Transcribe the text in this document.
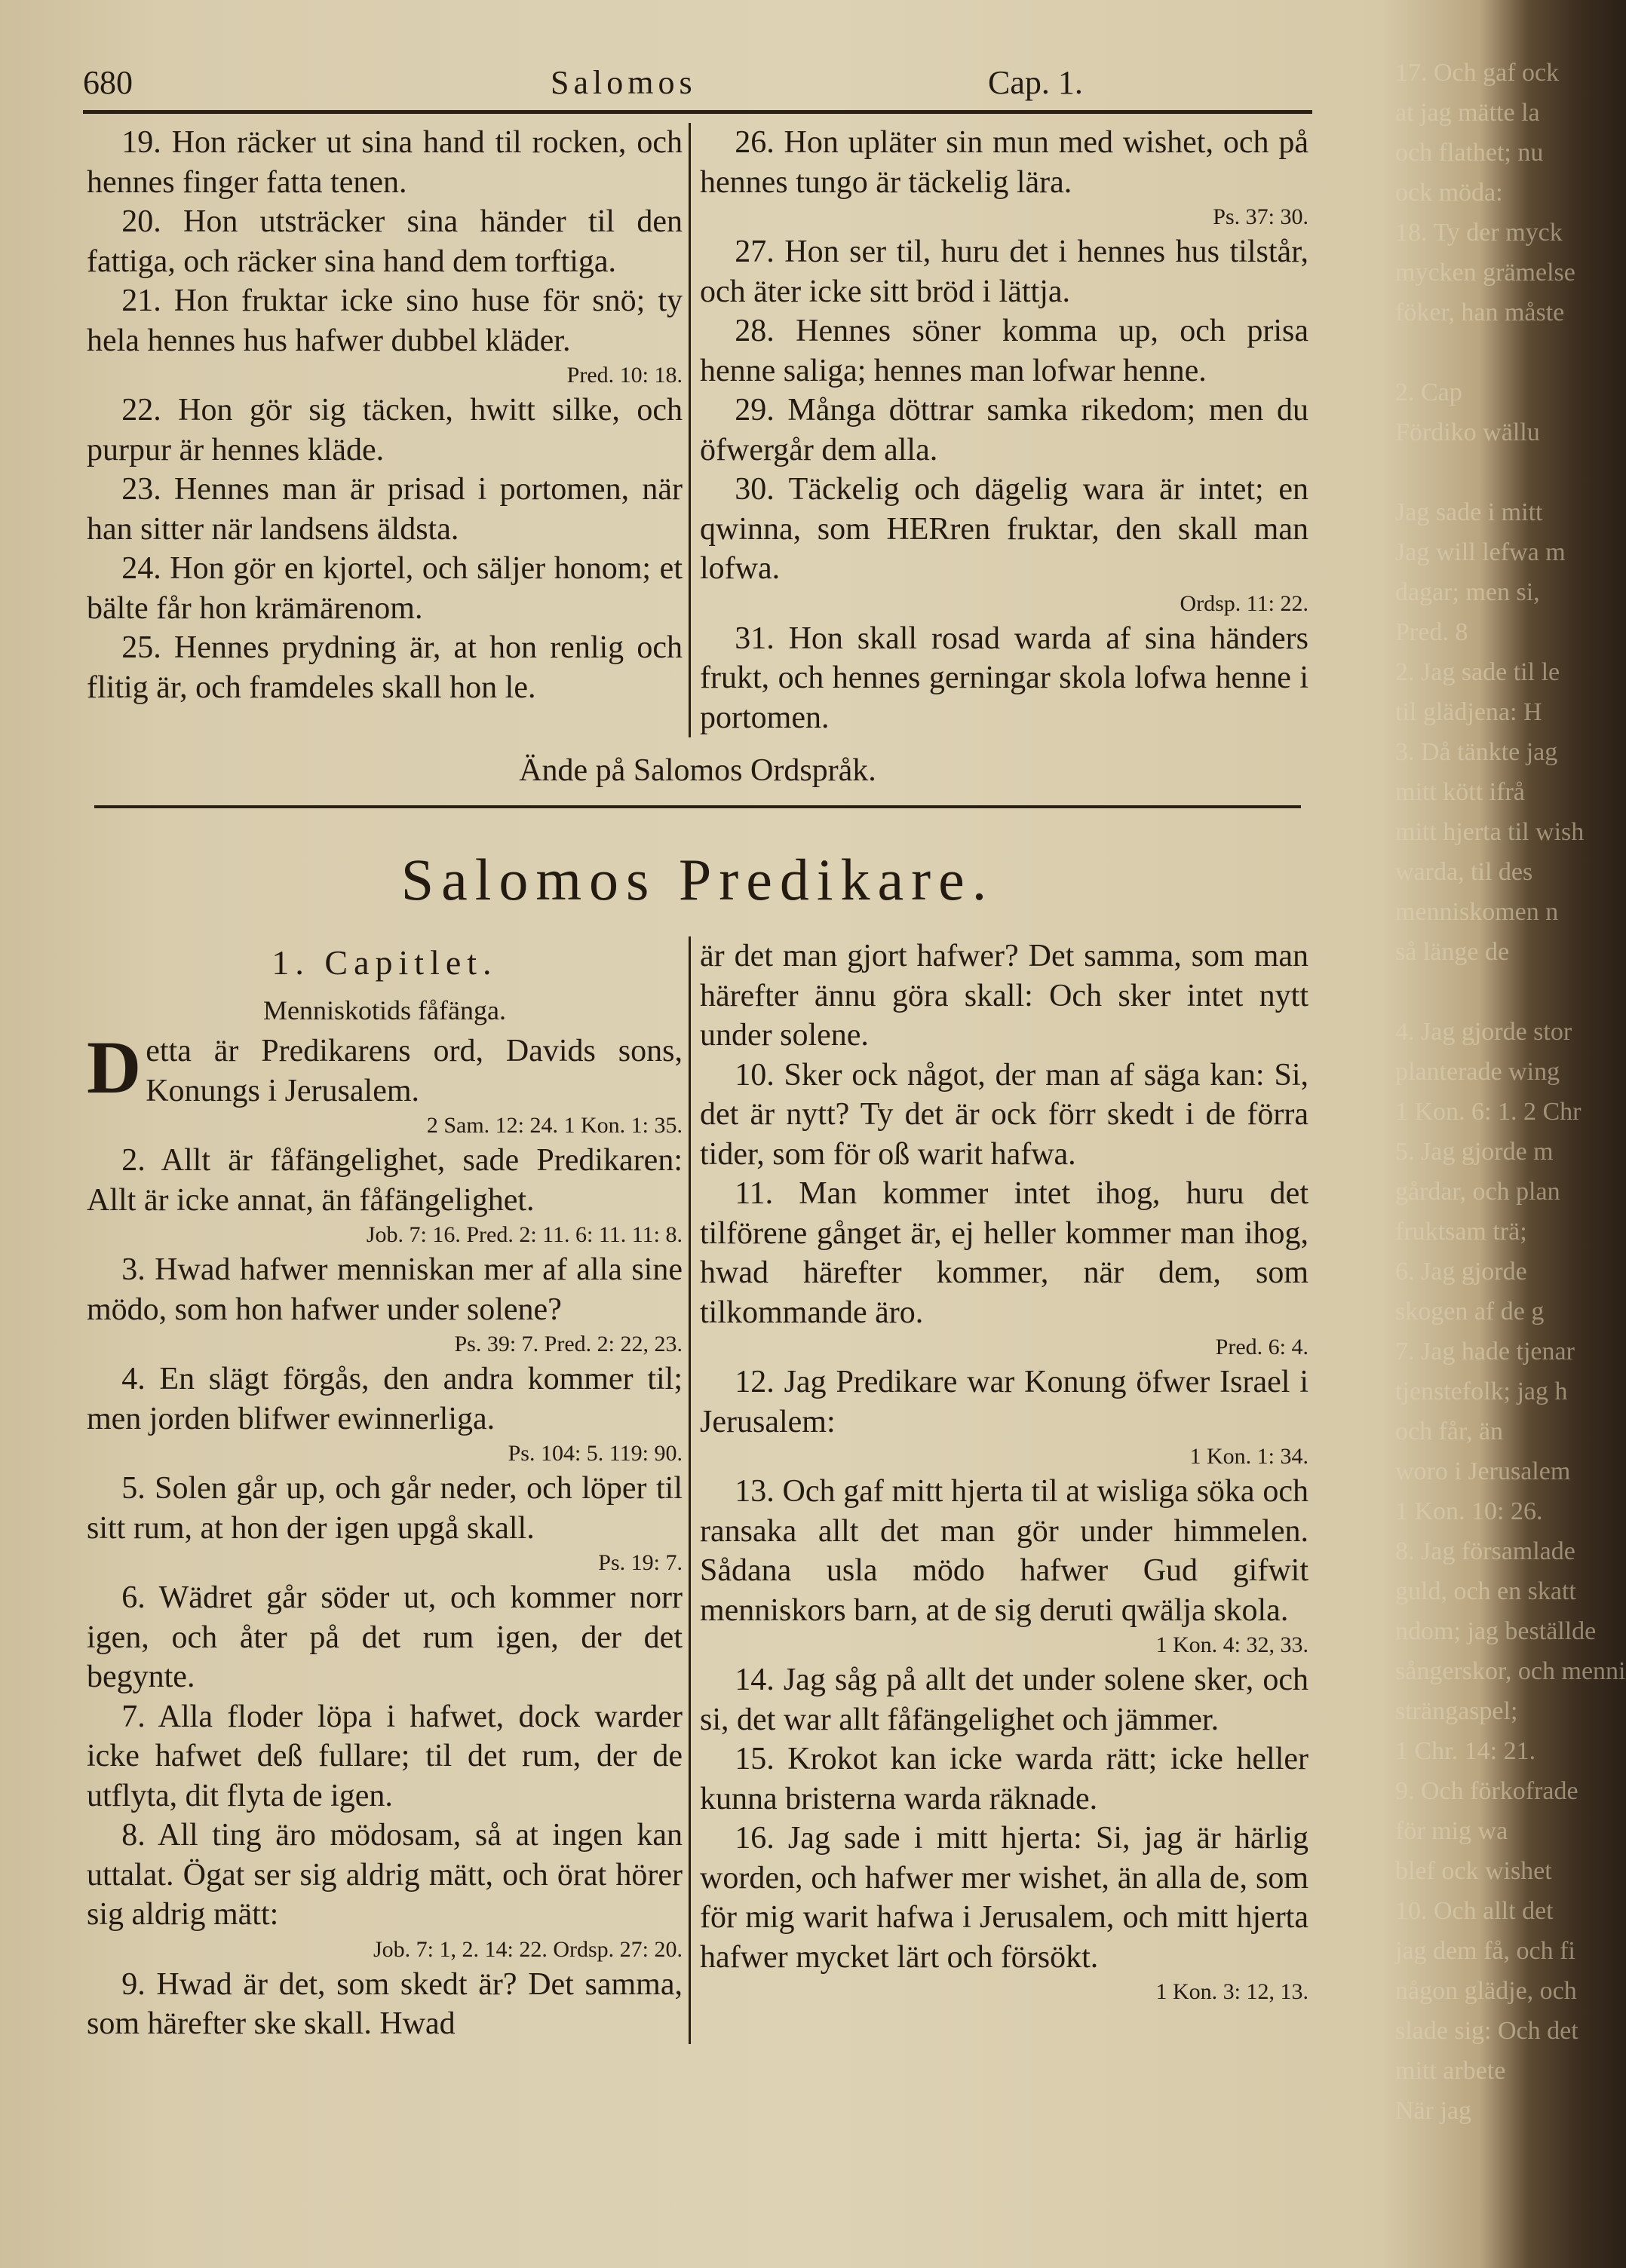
680	Salomos	Cap. 1.

19. Hon räcker ut sina hand til rocken, och hennes finger fatta tenen.

20. Hon utsträcker sina händer til den fattiga, och räcker sina hand dem torftiga.

21. Hon fruktar icke sino huse för snö; ty hela hennes hus hafwer dubbel kläder.
Pred. 10: 18.

22. Hon gör sig täcken, hwitt silke, och purpur är hennes kläde.

23. Hennes man är prisad i portomen, när han sitter när landsens äldsta.

24. Hon gör en kjortel, och säljer honom; et bälte får hon krämärenom.

25. Hennes prydning är, at hon renlig och flitig är, och framdeles skall hon le.

26. Hon upläter sin mun med wishet, och på hennes tungo är täckelig lära.
Ps. 37: 30.

27. Hon ser til, huru det i hennes hus tilstår, och äter icke sitt bröd i lättja.

28. Hennes söner komma up, och prisa henne saliga; hennes man lofwar henne.

29. Många döttrar samka rikedom; men du öfwergår dem alla.

30. Täckelig och dägelig wara är intet; en qwinna, som HERren fruktar, den skall man lofwa.
Ordsp. 11: 22.

31. Hon skall rosad warda af sina händers frukt, och hennes gerningar skola lofwa henne i portomen.

Ände på Salomos Ordspråk.
Salomos Predikare.

1. Capitlet.

Menniskotids fåfänga.

Detta är Predikarens ord, Davids sons, Konungs i Jerusalem.
2 Sam. 12: 24. 1 Kon. 1: 35.

2. Allt är fåfängelighet, sade Predikaren: Allt är icke annat, än fåfängelighet.
Job. 7: 16. Pred. 2: 11. 6: 11. 11: 8.

3. Hwad hafwer menniskan mer af alla sine mödo, som hon hafwer under solene?
Ps. 39: 7. Pred. 2: 22, 23.

4. En slägt förgås, den andra kommer til; men jorden blifwer ewinnerliga.
Ps. 104: 5. 119: 90.

5. Solen går up, och går neder, och löper til sitt rum, at hon der igen upgå skall.
Ps. 19: 7.

6. Wädret går söder ut, och kommer norr igen, och åter på det rum igen, der det begynte.

7. Alla floder löpa i hafwet, dock warder icke hafwet deß fullare; til det rum, der de utflyta, dit flyta de igen.

8. All ting äro mödosam, så at ingen kan uttalat. Ögat ser sig aldrig mätt, och örat hörer sig aldrig mätt:
Job. 7: 1, 2. 14: 22. Ordsp. 27: 20.

9. Hwad är det, som skedt är? Det samma, som härefter ske skall. Hwad

är det man gjort hafwer? Det samma, som man härefter ännu göra skall: Och sker intet nytt under solene.

10. Sker ock något, der man af säga kan: Si, det är nytt? Ty det är ock förr skedt i de förra tider, som för oß warit hafwa.

11. Man kommer intet ihog, huru det tilförene gånget är, ej heller kommer man ihog, hwad härefter kommer, när dem, som tilkommande äro.
Pred. 6: 4.

12. Jag Predikare war Konung öfwer Israel i Jerusalem:
1 Kon. 1: 34.

13. Och gaf mitt hjerta til at wisliga söka och ransaka allt det man gör under himmelen. Sådana usla mödo hafwer Gud gifwit menniskors barn, at de sig deruti qwälja skola.
1 Kon. 4: 32, 33.

14. Jag såg på allt det under solene sker, och si, det war allt fåfängelighet och jämmer.

15. Krokot kan icke warda rätt; icke heller kunna bristerna warda räknade.

16. Jag sade i mitt hjerta: Si, jag är härlig worden, och hafwer mer wishet, än alla de, som för mig warit hafwa i Jerusalem, och mitt hjerta hafwer mycket lärt och försökt.
1 Kon. 3: 12, 13.

17. Och gaf ock
at jag mätte la
och flathet; nu
ock möda:
18. Ty der myck
mycken grämelse
föker, han måste

2. Cap
Fördiko wällu

Jag sade i mitt
Jag will lefwa m
dagar; men si,
Pred. 8
2. Jag sade til le
til glädjena: H
3. Då tänkte jag
mitt kött ifrå
mitt hjerta til wish
warda, til des
menniskomen n
så länge de

4. Jag gjorde stor
planterade wing
1 Kon. 6: 1. 2 Chr
5. Jag gjorde m
gårdar, och plan
fruktsam trä;
6. Jag gjorde
skogen af de g
7. Jag hade tjenar
tjenstefolk; jag h
och får, än
woro i Jerusalem
1 Kon. 10: 26.
8. Jag församlade
guld, och en skatt
ndom; jag beställde
sångerskor, och menni
strängaspel;
1 Chr. 14: 21.
9. Och förkofrade
för mig wa
blef ock wishet
10. Och allt det
jag dem få, och fi
någon glädje, och
slade sig: Och det
mitt arbete
När jag
